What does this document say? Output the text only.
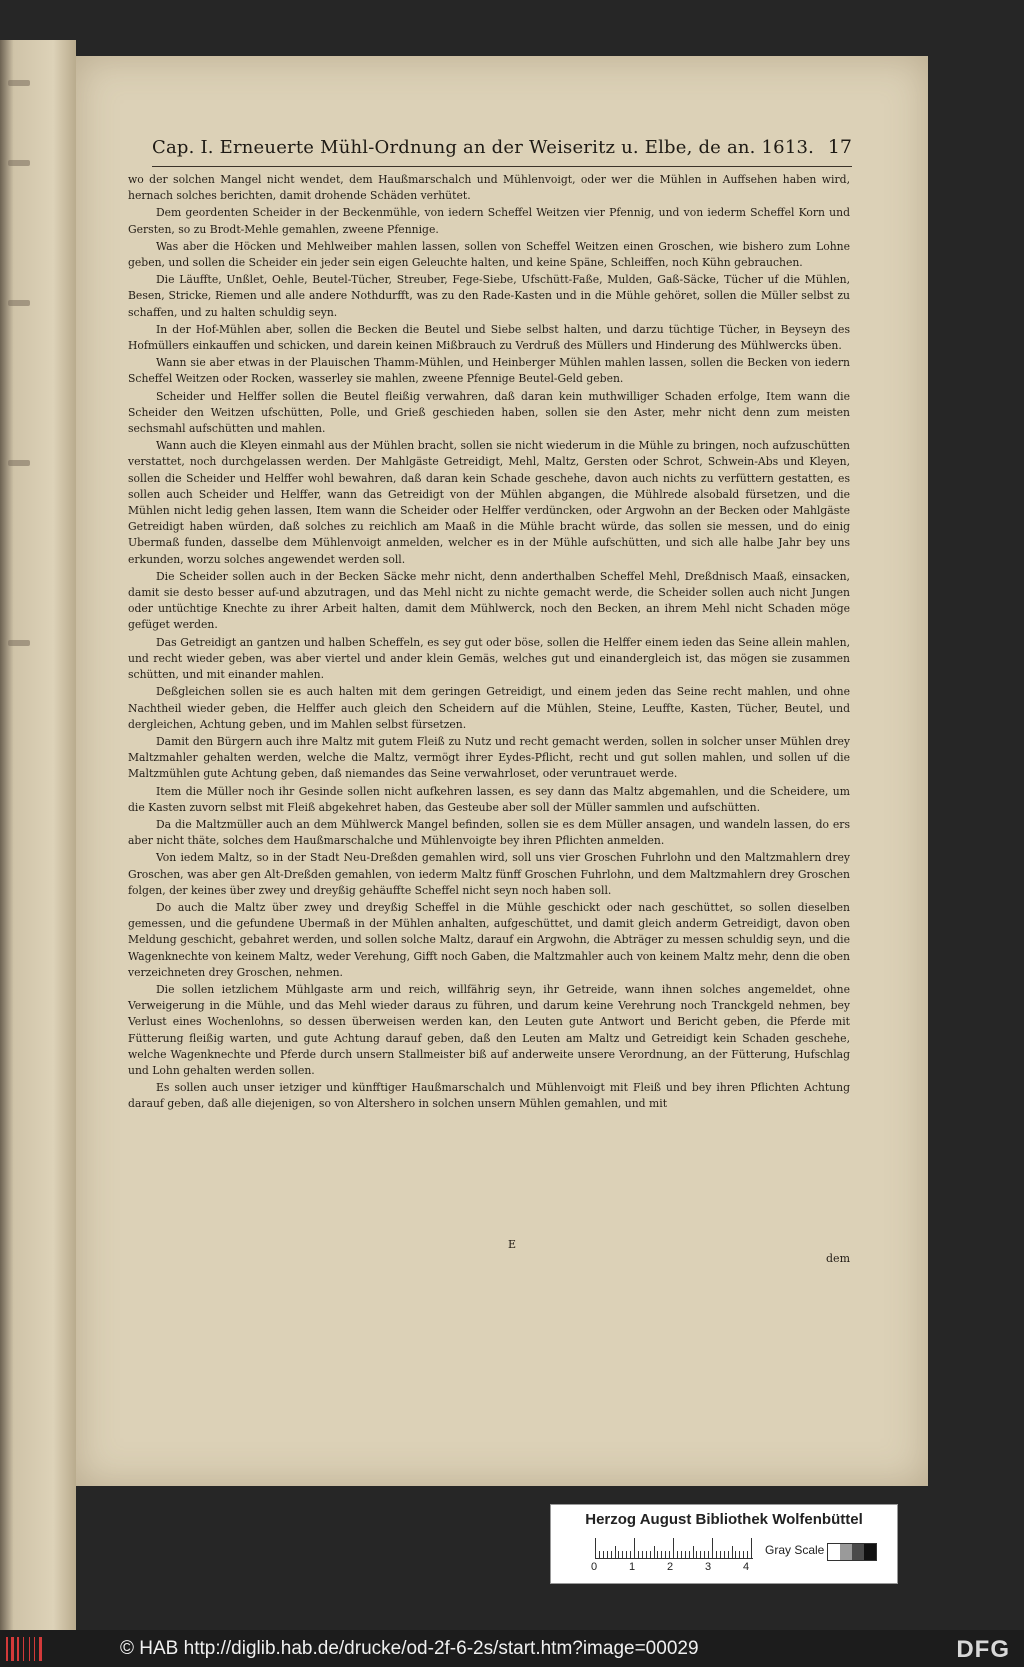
Cap. I. Erneuerte Mühl-Ordnung an der Weiseritz u. Elbe, de an. 1613. 17

wo der solchen Mangel nicht wendet, dem Haußmarschalch und Mühlenvoigt, oder wer die Mühlen in Auffsehen haben wird, hernach solches berichten, damit drohende Schäden verhütet.

Dem geordenten Scheider in der Beckenmühle, von iedern Scheffel Weitzen vier Pfennig, und von iederm Scheffel Korn und Gersten, so zu Brodt-Mehle gemahlen, zweene Pfennige.

Was aber die Höcken und Mehlweiber mahlen lassen, sollen von Scheffel Weitzen einen Groschen, wie bishero zum Lohne geben, und sollen die Scheider ein jeder sein eigen Geleuchte halten, und keine Späne, Schleiffen, noch Kühn gebrauchen.

Die Läuffte, Unßlet, Oehle, Beutel-Tücher, Streuber, Fege-Siebe, Ufschütt-Faße, Mulden, Gaß-Säcke, Tücher uf die Mühlen, Besen, Stricke, Riemen und alle andere Nothdurfft, was zu den Rade-Kasten und in die Mühle gehöret, sollen die Müller selbst zu schaffen, und zu halten schuldig seyn.

In der Hof-Mühlen aber, sollen die Becken die Beutel und Siebe selbst halten, und darzu tüchtige Tücher, in Beyseyn des Hofmüllers einkauffen und schicken, und darein keinen Mißbrauch zu Verdruß des Müllers und Hinderung des Mühlwercks üben.

Wann sie aber etwas in der Plauischen Thamm-Mühlen, und Heinberger Mühlen mahlen lassen, sollen die Becken von iedern Scheffel Weitzen oder Rocken, wasserley sie mahlen, zweene Pfennige Beutel-Geld geben.

Scheider und Helffer sollen die Beutel fleißig verwahren, daß daran kein muthwilliger Schaden erfolge, Item wann die Scheider den Weitzen ufschütten, Polle, und Grieß geschieden haben, sollen sie den Aster, mehr nicht denn zum meisten sechsmahl aufschütten und mahlen.

Wann auch die Kleyen einmahl aus der Mühlen bracht, sollen sie nicht wiederum in die Mühle zu bringen, noch aufzuschütten verstattet, noch durchgelassen werden. Der Mahlgäste Getreidigt, Mehl, Maltz, Gersten oder Schrot, Schwein-Abs und Kleyen, sollen die Scheider und Helffer wohl bewahren, daß daran kein Schade geschehe, davon auch nichts zu verfüttern gestatten, es sollen auch Scheider und Helffer, wann das Getreidigt von der Mühlen abgangen, die Mühlrede alsobald fürsetzen, und die Mühlen nicht ledig gehen lassen, Item wann die Scheider oder Helffer verdüncken, oder Argwohn an der Becken oder Mahlgäste Getreidigt haben würden, daß solches zu reichlich am Maaß in die Mühle bracht würde, das sollen sie messen, und do einig Ubermaß funden, dasselbe dem Mühlenvoigt anmelden, welcher es in der Mühle aufschütten, und sich alle halbe Jahr bey uns erkunden, worzu solches angewendet werden soll.

Die Scheider sollen auch in der Becken Säcke mehr nicht, denn anderthalben Scheffel Mehl, Dreßdnisch Maaß, einsacken, damit sie desto besser auf-und abzutragen, und das Mehl nicht zu nichte gemacht werde, die Scheider sollen auch nicht Jungen oder untüchtige Knechte zu ihrer Arbeit halten, damit dem Mühlwerck, noch den Becken, an ihrem Mehl nicht Schaden möge gefüget werden.

Das Getreidigt an gantzen und halben Scheffeln, es sey gut oder böse, sollen die Helffer einem ieden das Seine allein mahlen, und recht wieder geben, was aber viertel und ander klein Gemäs, welches gut und einandergleich ist, das mögen sie zusammen schütten, und mit einander mahlen.

Deßgleichen sollen sie es auch halten mit dem geringen Getreidigt, und einem jeden das Seine recht mahlen, und ohne Nachtheil wieder geben, die Helffer auch gleich den Scheidern auf die Mühlen, Steine, Leuffte, Kasten, Tücher, Beutel, und dergleichen, Achtung geben, und im Mahlen selbst fürsetzen.

Damit den Bürgern auch ihre Maltz mit gutem Fleiß zu Nutz und recht gemacht werden, sollen in solcher unser Mühlen drey Maltzmahler gehalten werden, welche die Maltz, vermögt ihrer Eydes-Pflicht, recht und gut sollen mahlen, und sollen uf die Maltzmühlen gute Achtung geben, daß niemandes das Seine verwahrloset, oder veruntrauet werde.

Item die Müller noch ihr Gesinde sollen nicht aufkehren lassen, es sey dann das Maltz abgemahlen, und die Scheidere, um die Kasten zuvorn selbst mit Fleiß abgekehret haben, das Gesteube aber soll der Müller sammlen und aufschütten.

Da die Maltzmüller auch an dem Mühlwerck Mangel befinden, sollen sie es dem Müller ansagen, und wandeln lassen, do ers aber nicht thäte, solches dem Haußmarschalche und Mühlenvoigte bey ihren Pflichten anmelden.

Von iedem Maltz, so in der Stadt Neu-Dreßden gemahlen wird, soll uns vier Groschen Fuhrlohn und den Maltzmahlern drey Groschen, was aber gen Alt-Dreßden gemahlen, von iederm Maltz fünff Groschen Fuhrlohn, und dem Maltzmahlern drey Groschen folgen, der keines über zwey und dreyßig gehäuffte Scheffel nicht seyn noch haben soll.

Do auch die Maltz über zwey und dreyßig Scheffel in die Mühle geschickt oder nach geschüttet, so sollen dieselben gemessen, und die gefundene Ubermaß in der Mühlen anhalten, aufgeschüttet, und damit gleich anderm Getreidigt, davon oben Meldung geschicht, gebahret werden, und sollen solche Maltz, darauf ein Argwohn, die Abträger zu messen schuldig seyn, und die Wagenknechte von keinem Maltz, weder Verehung, Gifft noch Gaben, die Maltzmahler auch von keinem Maltz mehr, denn die oben verzeichneten drey Groschen, nehmen.

Die sollen ietzlichem Mühlgaste arm und reich, willfährig seyn, ihr Getreide, wann ihnen solches angemeldet, ohne Verweigerung in die Mühle, und das Mehl wieder daraus zu führen, und darum keine Verehrung noch Tranckgeld nehmen, bey Verlust eines Wochenlohns, so dessen überweisen werden kan, den Leuten gute Antwort und Bericht geben, die Pferde mit Fütterung fleißig warten, und gute Achtung darauf geben, daß den Leuten am Maltz und Getreidigt kein Schaden geschehe, welche Wagenknechte und Pferde durch unsern Stallmeister biß auf anderweite unsere Verordnung, an der Fütterung, Hufschlag und Lohn gehalten werden sollen.

Es sollen auch unser ietziger und künfftiger Haußmarschalch und Mühlenvoigt mit Fleiß und bey ihren Pflichten Achtung darauf geben, daß alle diejenigen, so von Altershero in solchen unsern Mühlen gemahlen, und mit

E
dem
Herzog August Bibliothek Wolfenbüttel
0	1	2	3	4
Gray Scale
© HAB http://diglib.hab.de/drucke/od-2f-6-2s/start.htm?image=00029	DFG
